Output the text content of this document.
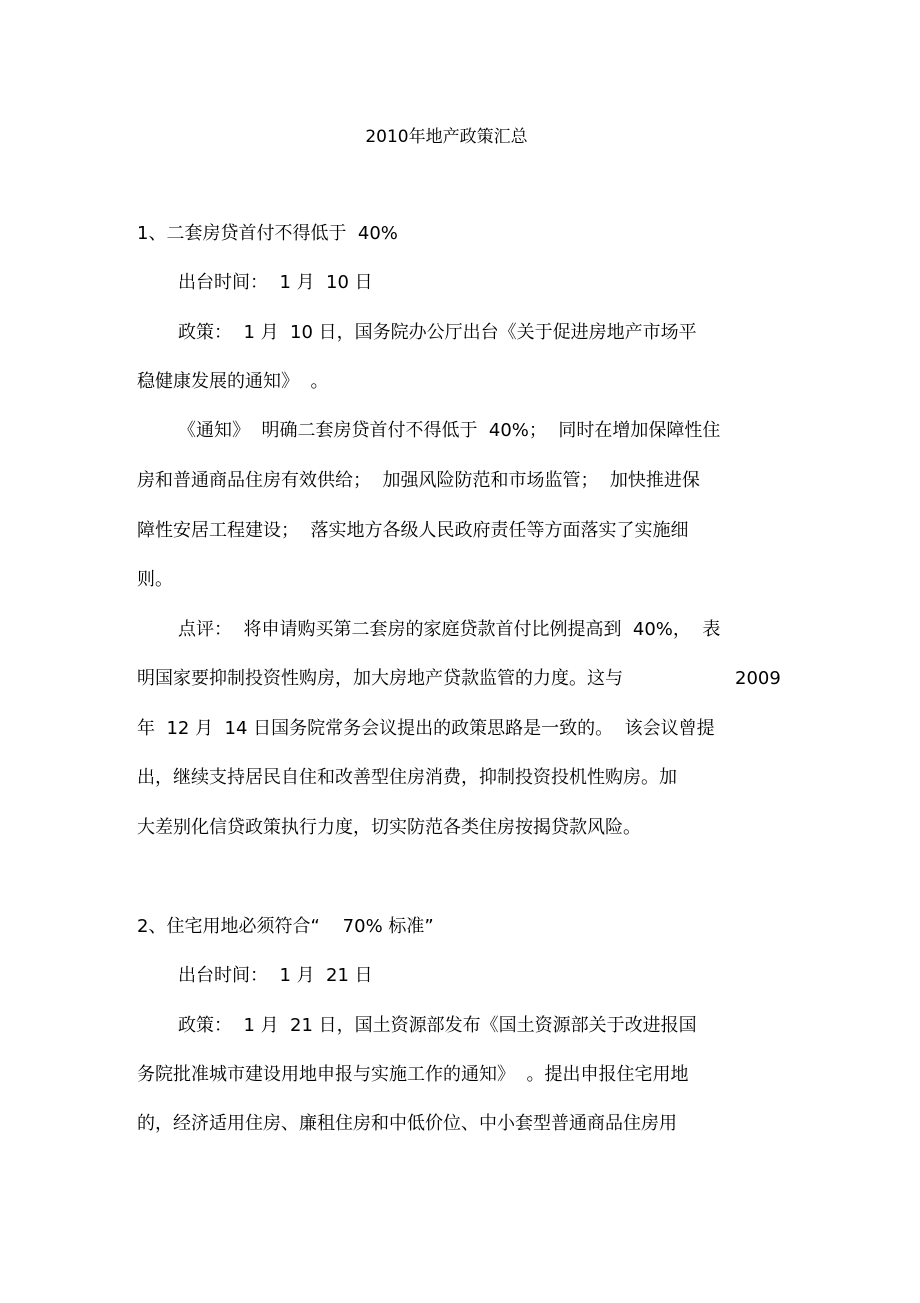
2010年地产政策汇总

1、二套房贷首付不得低于  40%

出台时间：  1 月  10 日

政策：  1 月  10 日，国务院办公厅出台《关于促进房地产市场平

稳健康发展的通知》  。

《通知》  明确二套房贷首付不得低于  40%；  同时在增加保障性住

房和普通商品住房有效供给；  加强风险防范和市场监管；  加快推进保

障性安居工程建设；  落实地方各级人民政府责任等方面落实了实施细

则。

点评：  将申请购买第二套房的家庭贷款首付比例提高到  40%，  表

明国家要抑制投资性购房，加大房地产贷款监管的力度。这与	2009

年  12 月  14 日国务院常务会议提出的政策思路是一致的。  该会议曾提

出，继续支持居民自住和改善型住房消费，抑制投资投机性购房。加

大差别化信贷政策执行力度，切实防范各类住房按揭贷款风险。

2、住宅用地必须符合“    70% 标准”

出台时间：  1 月  21 日

政策：  1 月  21 日，国土资源部发布《国土资源部关于改进报国

务院批准城市建设用地申报与实施工作的通知》  。提出申报住宅用地

的，经济适用住房、廉租住房和中低价位、中小套型普通商品住房用
